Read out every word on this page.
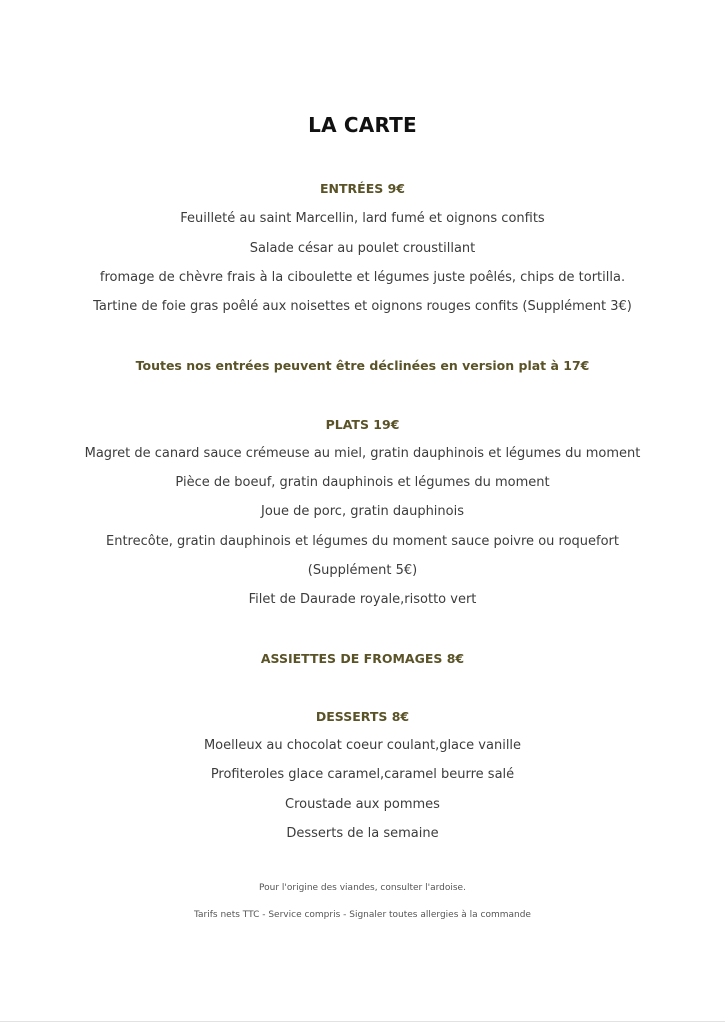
LA CARTE
ENTRÉES 9€
Feuilleté au saint Marcellin, lard fumé et oignons confits
Salade césar au poulet croustillant
fromage de chèvre frais à la ciboulette et légumes juste poêlés, chips de tortilla.
Tartine de foie gras poêlé aux noisettes et oignons rouges confits (Supplément 3€)
Toutes nos entrées peuvent être déclinées en version plat à 17€
PLATS 19€
Magret de canard sauce crémeuse au miel, gratin dauphinois et légumes du moment
Pièce de boeuf, gratin dauphinois et légumes du moment
Joue de porc, gratin dauphinois
Entrecôte, gratin dauphinois et légumes du moment sauce poivre ou roquefort
(Supplément 5€)
Filet de Daurade royale,risotto vert
ASSIETTES DE FROMAGES 8€
DESSERTS 8€
Moelleux au chocolat coeur coulant,glace vanille
Profiteroles glace caramel,caramel beurre salé
Croustade aux pommes
Desserts de la semaine
Pour l'origine des viandes, consulter l'ardoise.
Tarifs nets TTC - Service compris - Signaler toutes allergies à la commande
